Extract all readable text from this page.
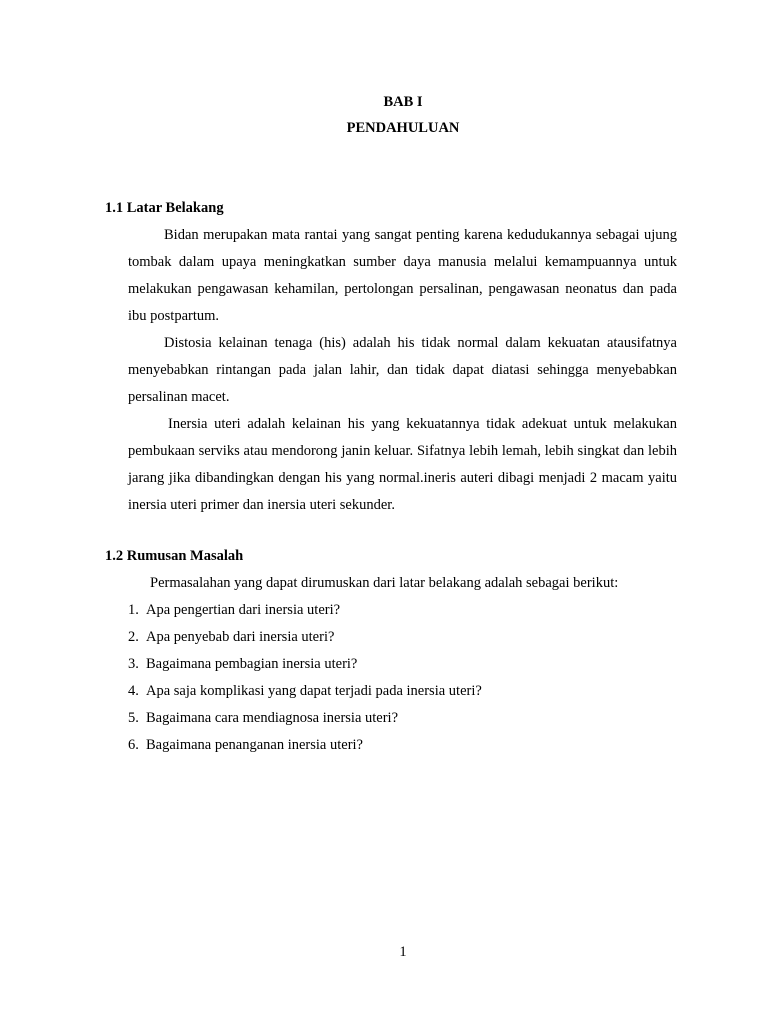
BAB I
PENDAHULUAN
1.1 Latar Belakang

Bidan merupakan mata rantai yang sangat penting karena kedudukannya sebagai ujung tombak dalam upaya meningkatkan sumber daya manusia melalui kemampuannya untuk melakukan pengawasan kehamilan, pertolongan persalinan, pengawasan neonatus dan pada ibu postpartum.

Distosia kelainan tenaga (his) adalah his tidak normal dalam kekuatan atausifatnya menyebabkan rintangan pada jalan lahir, dan tidak dapat diatasi sehingga menyebabkan persalinan macet.

Inersia uteri adalah kelainan his yang kekuatannya tidak adekuat untuk melakukan pembukaan serviks atau mendorong janin keluar. Sifatnya lebih lemah, lebih singkat dan lebih jarang jika dibandingkan dengan his yang normal.ineris auteri dibagi menjadi 2 macam yaitu inersia uteri primer dan inersia uteri sekunder.

1.2 Rumusan Masalah

Permasalahan yang dapat dirumuskan dari latar belakang adalah sebagai berikut:

1. Apa pengertian dari inersia uteri?
2. Apa penyebab dari inersia uteri?
3. Bagaimana pembagian inersia uteri?
4. Apa saja komplikasi yang dapat terjadi pada inersia uteri?
5. Bagaimana cara mendiagnosa inersia uteri?
6. Bagaimana penanganan inersia uteri?

1
